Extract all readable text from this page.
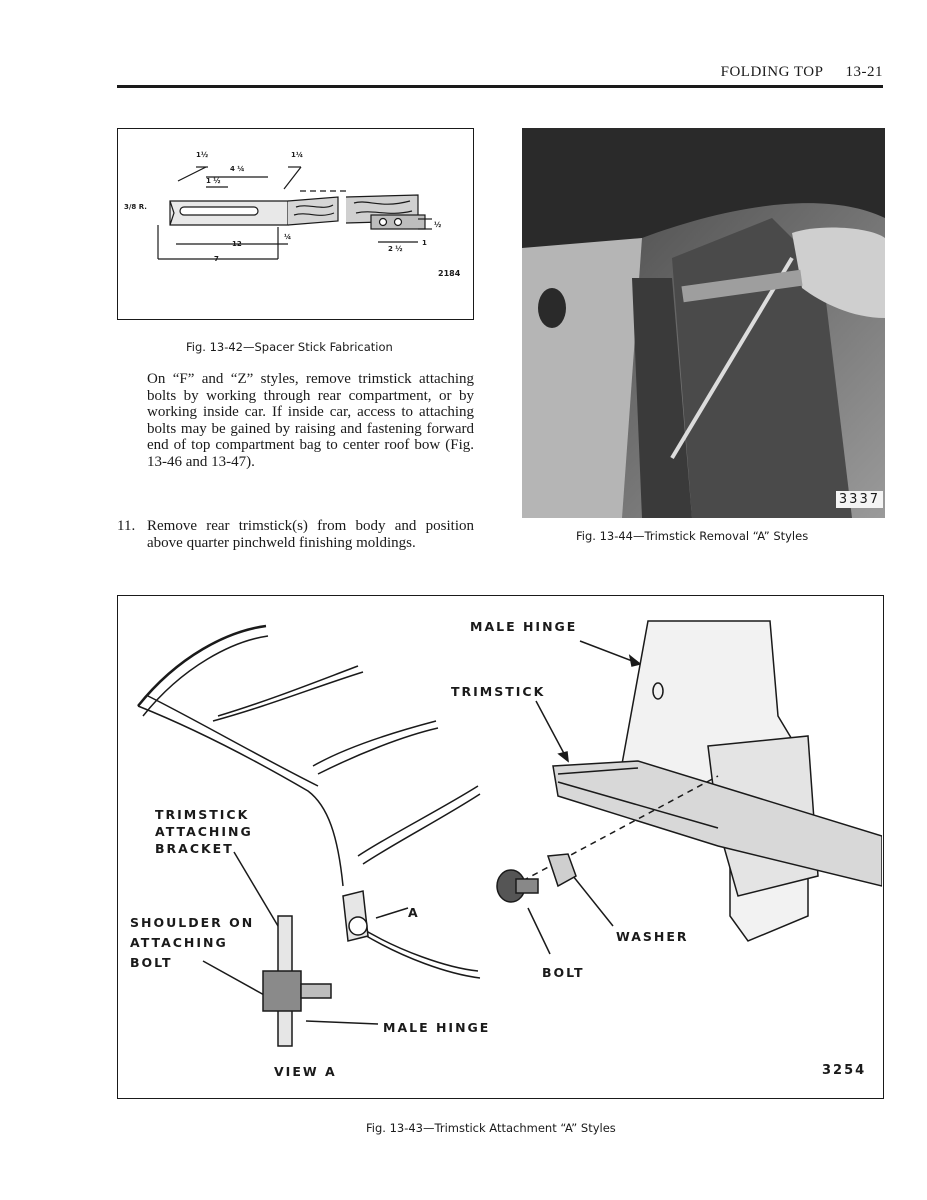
FOLDING TOP 13-21
1½	1¼
4 ¼
1 ½
3/8 R.
½
¼
12
7
2 ½
1
2184
Fig. 13-42—Spacer Stick Fabrication
On “F” and “Z” styles, remove trimstick attaching bolts by working through rear compartment, or by working inside car. If inside car, access to attaching bolts may be gained by raising and fastening forward end of top compartment bag to center roof bow (Fig. 13-46 and 13-47).
11. Remove rear trimstick(s) from body and position above quarter pinchweld finishing moldings.
3337
Fig. 13-44—Trimstick Removal “A” Styles
MALE HINGE
TRIMSTICK
TRIMSTICK
ATTACHING
BRACKET
SHOULDER ON
ATTACHING
BOLT
A
WASHER
BOLT
MALE HINGE
VIEW A	3254
Fig. 13-43—Trimstick Attachment “A” Styles
